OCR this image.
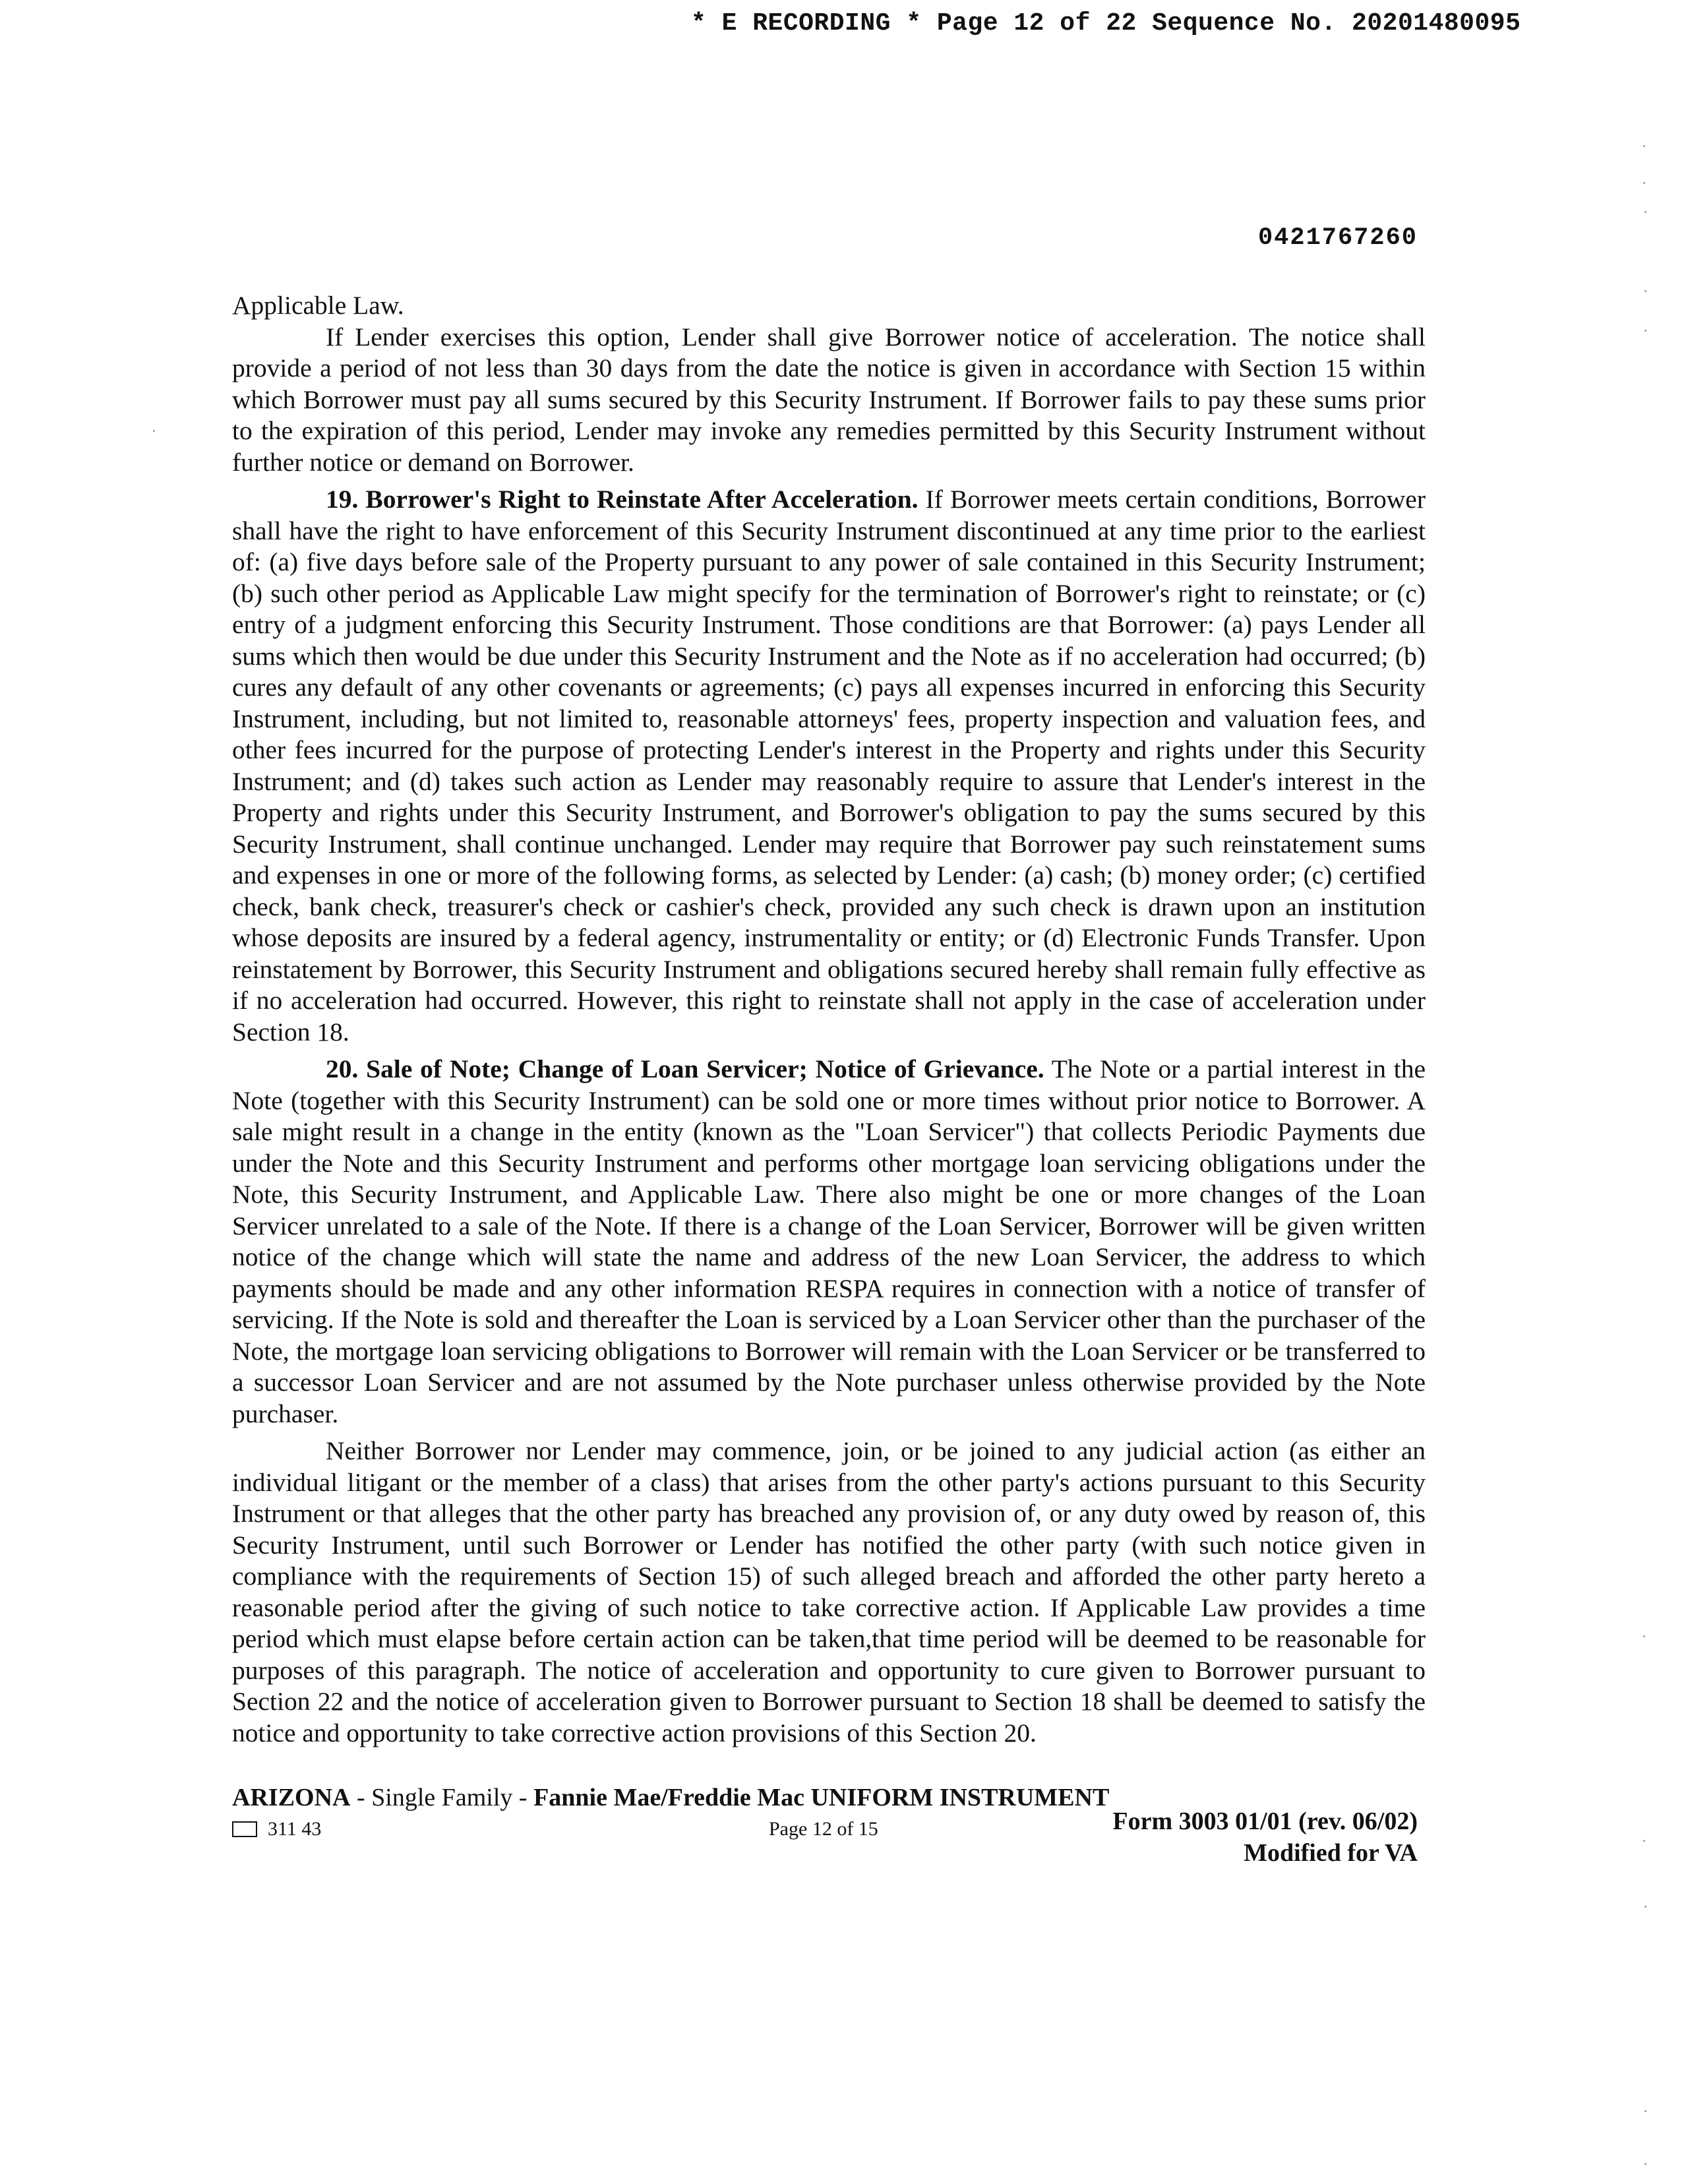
* E RECORDING * Page 12 of 22 Sequence No. 20201480095
0421767260

Applicable Law.

If Lender exercises this option, Lender shall give Borrower notice of acceleration. The notice shall provide a period of not less than 30 days from the date the notice is given in accordance with Section 15 within which Borrower must pay all sums secured by this Security Instrument. If Borrower fails to pay these sums prior to the expiration of this period, Lender may invoke any remedies permitted by this Security Instrument without further notice or demand on Borrower.

19. Borrower's Right to Reinstate After Acceleration. If Borrower meets certain conditions, Borrower shall have the right to have enforcement of this Security Instrument discontinued at any time prior to the earliest of: (a) five days before sale of the Property pursuant to any power of sale contained in this Security Instrument; (b) such other period as Applicable Law might specify for the termination of Borrower's right to reinstate; or (c) entry of a judgment enforcing this Security Instrument. Those conditions are that Borrower: (a) pays Lender all sums which then would be due under this Security Instrument and the Note as if no acceleration had occurred; (b) cures any default of any other covenants or agreements; (c) pays all expenses incurred in enforcing this Security Instrument, including, but not limited to, reasonable attorneys' fees, property inspection and valuation fees, and other fees incurred for the purpose of protecting Lender's interest in the Property and rights under this Security Instrument; and (d) takes such action as Lender may reasonably require to assure that Lender's interest in the Property and rights under this Security Instrument, and Borrower's obligation to pay the sums secured by this Security Instrument, shall continue unchanged. Lender may require that Borrower pay such reinstatement sums and expenses in one or more of the following forms, as selected by Lender: (a) cash; (b) money order; (c) certified check, bank check, treasurer's check or cashier's check, provided any such check is drawn upon an institution whose deposits are insured by a federal agency, instrumentality or entity; or (d) Electronic Funds Transfer. Upon reinstatement by Borrower, this Security Instrument and obligations secured hereby shall remain fully effective as if no acceleration had occurred. However, this right to reinstate shall not apply in the case of acceleration under Section 18.

20. Sale of Note; Change of Loan Servicer; Notice of Grievance. The Note or a partial interest in the Note (together with this Security Instrument) can be sold one or more times without prior notice to Borrower. A sale might result in a change in the entity (known as the "Loan Servicer") that collects Periodic Payments due under the Note and this Security Instrument and performs other mortgage loan servicing obligations under the Note, this Security Instrument, and Applicable Law. There also might be one or more changes of the Loan Servicer unrelated to a sale of the Note. If there is a change of the Loan Servicer, Borrower will be given written notice of the change which will state the name and address of the new Loan Servicer, the address to which payments should be made and any other information RESPA requires in connection with a notice of transfer of servicing. If the Note is sold and thereafter the Loan is serviced by a Loan Servicer other than the purchaser of the Note, the mortgage loan servicing obligations to Borrower will remain with the Loan Servicer or be transferred to a successor Loan Servicer and are not assumed by the Note purchaser unless otherwise provided by the Note purchaser.

Neither Borrower nor Lender may commence, join, or be joined to any judicial action (as either an individual litigant or the member of a class) that arises from the other party's actions pursuant to this Security Instrument or that alleges that the other party has breached any provision of, or any duty owed by reason of, this Security Instrument, until such Borrower or Lender has notified the other party (with such notice given in compliance with the requirements of Section 15) of such alleged breach and afforded the other party hereto a reasonable period after the giving of such notice to take corrective action. If Applicable Law provides a time period which must elapse before certain action can be taken,that time period will be deemed to be reasonable for purposes of this paragraph. The notice of acceleration and opportunity to cure given to Borrower pursuant to Section 22 and the notice of acceleration given to Borrower pursuant to Section 18 shall be deemed to satisfy the notice and opportunity to take corrective action provisions of this Section 20.

ARIZONA - Single Family - Fannie Mae/Freddie Mac UNIFORM INSTRUMENT
311 43	Page 12 of 15	Form 3003 01/01 (rev. 06/02)
Modified for VA
